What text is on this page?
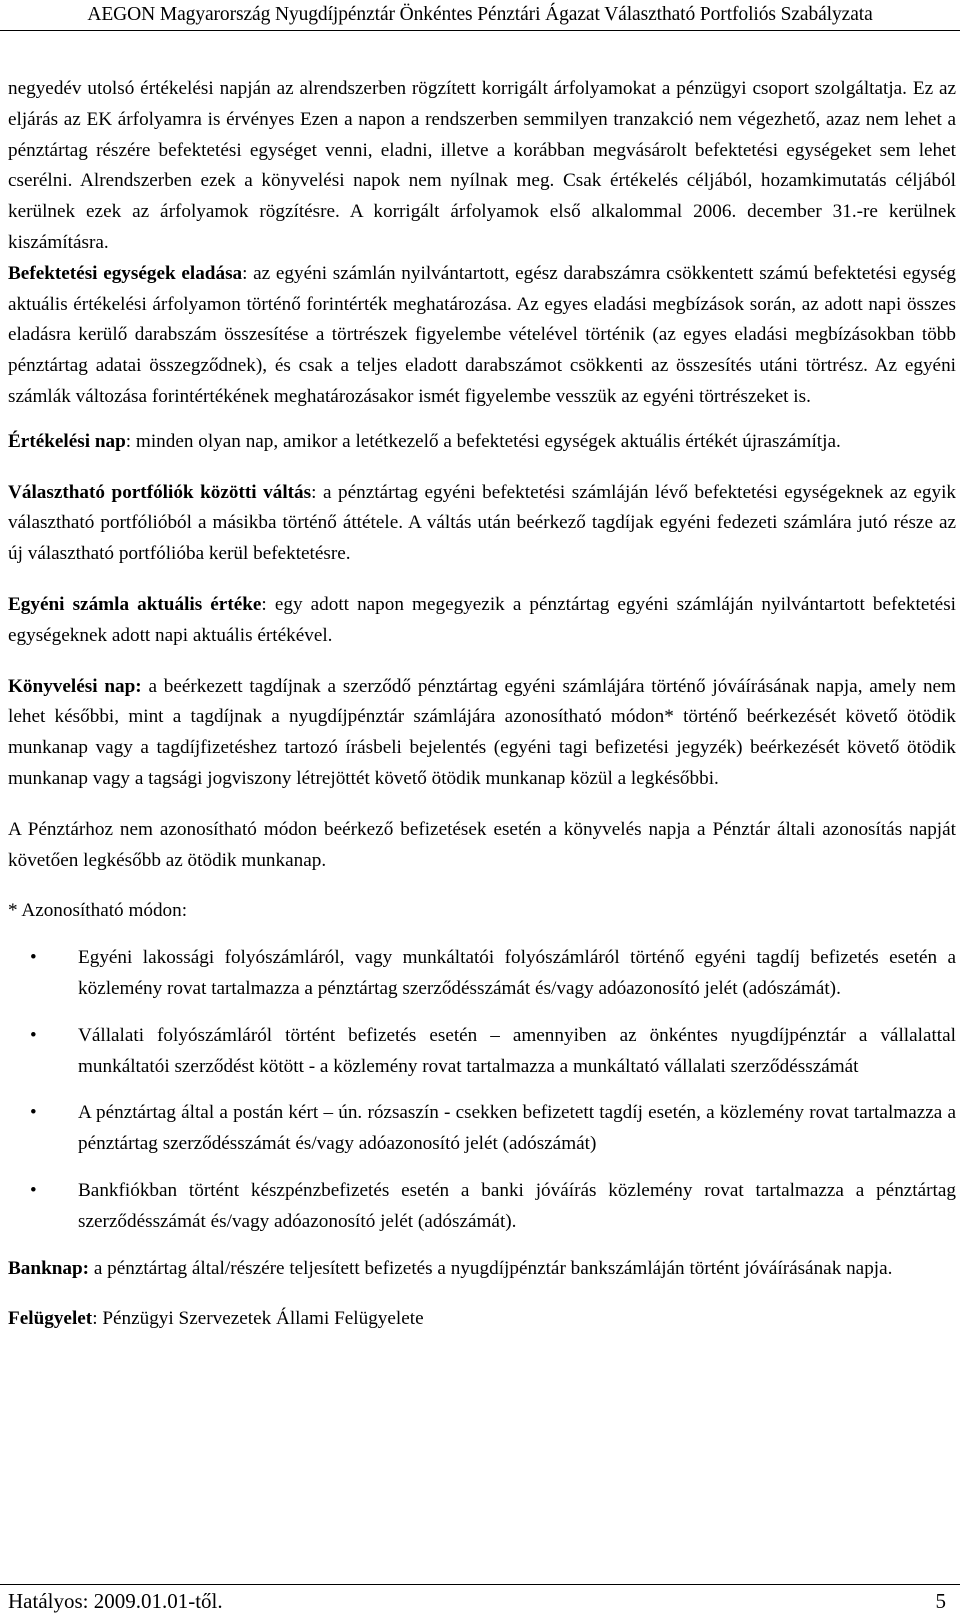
AEGON Magyarország Nyugdíjpénztár Önkéntes Pénztári Ágazat Választható Portfoliós Szabályzata

negyedév utolsó értékelési napján az alrendszerben rögzített korrigált árfolyamokat a pénzügyi csoport szolgáltatja. Ez az eljárás az EK árfolyamra is érvényes Ezen a napon a rendszerben semmilyen tranzakció nem végezhető, azaz nem lehet a pénztártag részére befektetési egységet venni, eladni, illetve a korábban megvásárolt befektetési egységeket sem lehet cserélni. Alrendszerben ezek a könyvelési napok nem nyílnak meg. Csak értékelés céljából, hozamkimutatás céljából kerülnek ezek az árfolyamok rögzítésre. A korrigált árfolyamok első alkalommal 2006. december 31.-re kerülnek kiszámításra.

Befektetési egységek eladása: az egyéni számlán nyilvántartott, egész darabszámra csökkentett számú befektetési egység aktuális értékelési árfolyamon történő forintérték meghatározása. Az egyes eladási megbízások során, az adott napi összes eladásra kerülő darabszám összesítése a törtrészek figyelembe vételével történik (az egyes eladási megbízásokban több pénztártag adatai összegződnek), és csak a teljes eladott darabszámot csökkenti az összesítés utáni törtrész. Az egyéni számlák változása forintértékének meghatározásakor ismét figyelembe vesszük az egyéni törtrészeket is.

Értékelési nap: minden olyan nap, amikor a letétkezelő a befektetési egységek aktuális értékét újraszámítja.

Választható portfóliók közötti váltás: a pénztártag egyéni befektetési számláján lévő befektetési egységeknek az egyik választható portfólióból a másikba történő áttétele. A váltás után beérkező tagdíjak egyéni fedezeti számlára jutó része az új választható portfólióba kerül befektetésre.

Egyéni számla aktuális értéke: egy adott napon megegyezik a pénztártag egyéni számláján nyilvántartott befektetési egységeknek adott napi aktuális értékével.

Könyvelési nap: a beérkezett tagdíjnak a szerződő pénztártag egyéni számlájára történő jóváírásának napja, amely nem lehet későbbi, mint a tagdíjnak a nyugdíjpénztár számlájára azonosítható módon* történő beérkezését követő ötödik munkanap vagy a tagdíjfizetéshez tartozó írásbeli bejelentés (egyéni tagi befizetési jegyzék) beérkezését követő ötödik munkanap vagy a tagsági jogviszony létrejöttét követő ötödik munkanap közül a legkésőbbi.

A Pénztárhoz nem azonosítható módon beérkező befizetések esetén a könyvelés napja a Pénztár általi azonosítás napját követően legkésőbb az ötödik munkanap.

* Azonosítható módon:

• Egyéni lakossági folyószámláról, vagy munkáltatói folyószámláról történő egyéni tagdíj befizetés esetén a közlemény rovat tartalmazza a pénztártag szerződésszámát és/vagy adóazonosító jelét (adószámát).
• Vállalati folyószámláról történt befizetés esetén – amennyiben az önkéntes nyugdíjpénztár a vállalattal munkáltatói szerződést kötött - a közlemény rovat tartalmazza a munkáltató vállalati szerződésszámát
• A pénztártag által a postán kért – ún. rózsaszín - csekken befizetett tagdíj esetén, a közlemény rovat tartalmazza a pénztártag szerződésszámát és/vagy adóazonosító jelét (adószámát)
• Bankfiókban történt készpénzbefizetés esetén a banki jóváírás közlemény rovat tartalmazza a pénztártag szerződésszámát és/vagy adóazonosító jelét (adószámát).

Banknap: a pénztártag által/részére teljesített befizetés a nyugdíjpénztár bankszámláján történt jóváírásának napja.

Felügyelet: Pénzügyi Szervezetek Állami Felügyelete

Hatályos: 2009.01.01-től.	5
